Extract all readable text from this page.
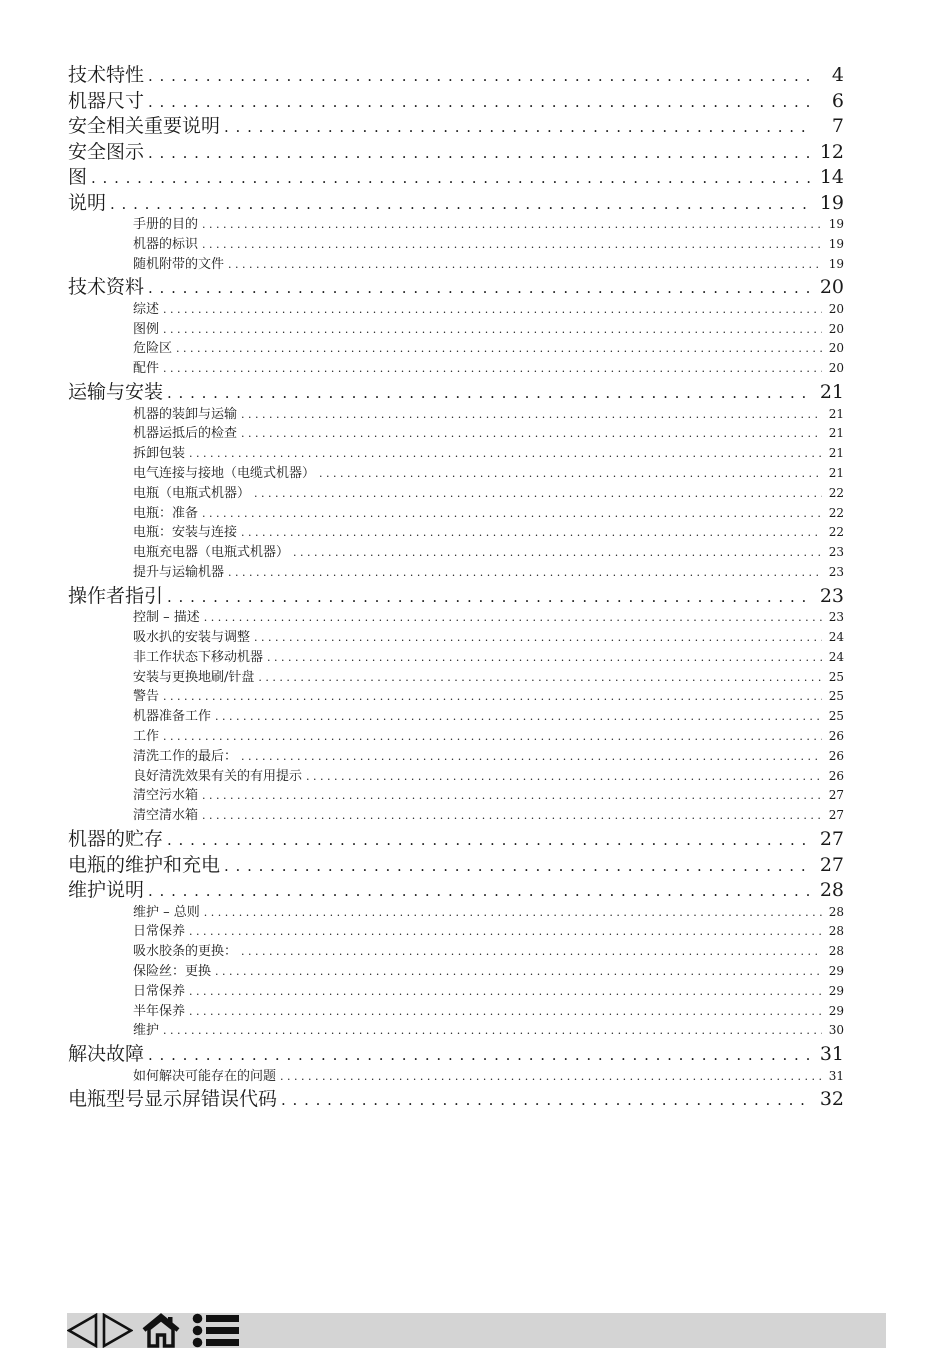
技术特性 . . .	4
机器尺寸 . . .	6
安全相关重要说明 . . .	7
安全图示 . . .	12
图 . . .	14
说明 . . .	19
手册的目的 . . .	19
机器的标识 . . .	19
随机附带的文件 . . .	19
技术资料 . . .	20
综述 . . .	20
图例 . . .	20
危险区 . . .	20
配件 . . .	20
运输与安装 . . .	21
机器的装卸与运输 . . .	21
机器运抵后的检查 . . .	21
拆卸包装 . . .	21
电气连接与接地（电缆式机器） . . .	21
电瓶（电瓶式机器） . . .	22
电瓶：准备 . . .	22
电瓶：安装与连接 . . .	22
电瓶充电器（电瓶式机器） . . .	23
提升与运输机器 . . .	23
操作者指引 . . .	23
控制 – 描述 . . .	23
吸水扒的安装与调整 . . .	24
非工作状态下移动机器 . . .	24
安装与更换地刷/针盘 . . .	25
警告 . . .	25
机器准备工作 . . .	25
工作 . . .	26
清洗工作的最后： . . .	26
良好清洗效果有关的有用提示 . . .	26
清空污水箱 . . .	27
清空清水箱 . . .	27
机器的贮存 . . .	27
电瓶的维护和充电 . . .	27
维护说明 . . .	28
维护 – 总则 . . .	28
日常保养 . . .	28
吸水胶条的更换： . . .	28
保险丝：更换 . . .	29
日常保养 . . .	29
半年保养 . . .	29
维护 . . .	30
解决故障 . . .	31
如何解决可能存在的问题 . . .	31
电瓶型号显示屏错误代码 . . .	32
